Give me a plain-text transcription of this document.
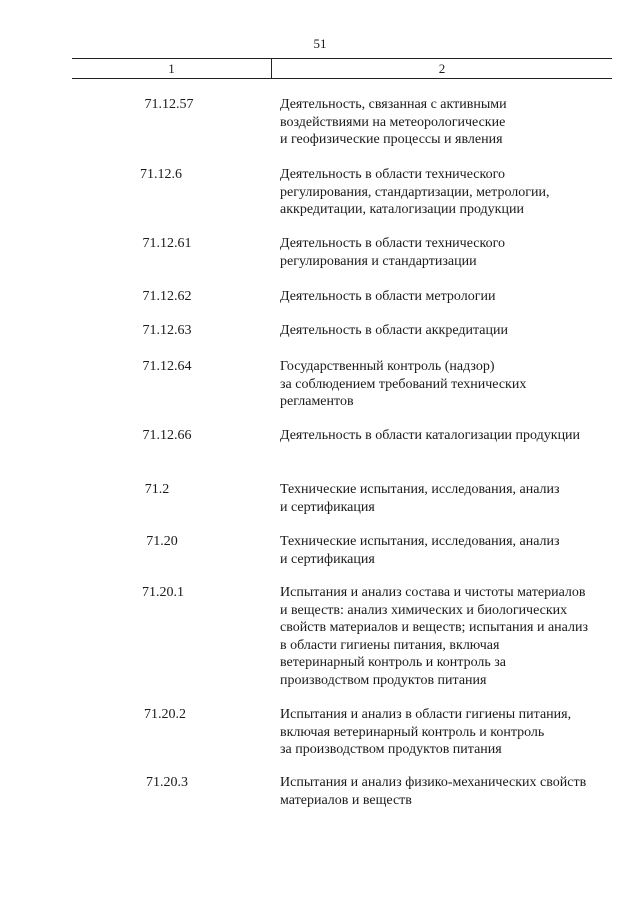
51
1	2
71.12.57	Деятельность, связанная с активными
воздействиями на метеорологические
и геофизические процессы и явления
71.12.6	Деятельность в области технического
регулирования, стандартизации, метрологии,
аккредитации, каталогизации продукции
71.12.61	Деятельность в области технического
регулирования и стандартизации
71.12.62	Деятельность в области метрологии
71.12.63	Деятельность в области аккредитации
71.12.64	Государственный контроль (надзор)
за соблюдением требований технических
регламентов
71.12.66	Деятельность в области каталогизации продукции
71.2	Технические испытания, исследования, анализ
и сертификация
71.20	Технические испытания, исследования, анализ
и сертификация
71.20.1	Испытания и анализ состава и чистоты материалов
и веществ: анализ химических и биологических
свойств материалов и веществ; испытания и анализ
в области гигиены питания, включая
ветеринарный контроль и контроль за
производством продуктов питания
71.20.2	Испытания и анализ в области гигиены питания,
включая ветеринарный контроль и контроль
за производством продуктов питания
71.20.3	Испытания и анализ физико-механических свойств
материалов и веществ
